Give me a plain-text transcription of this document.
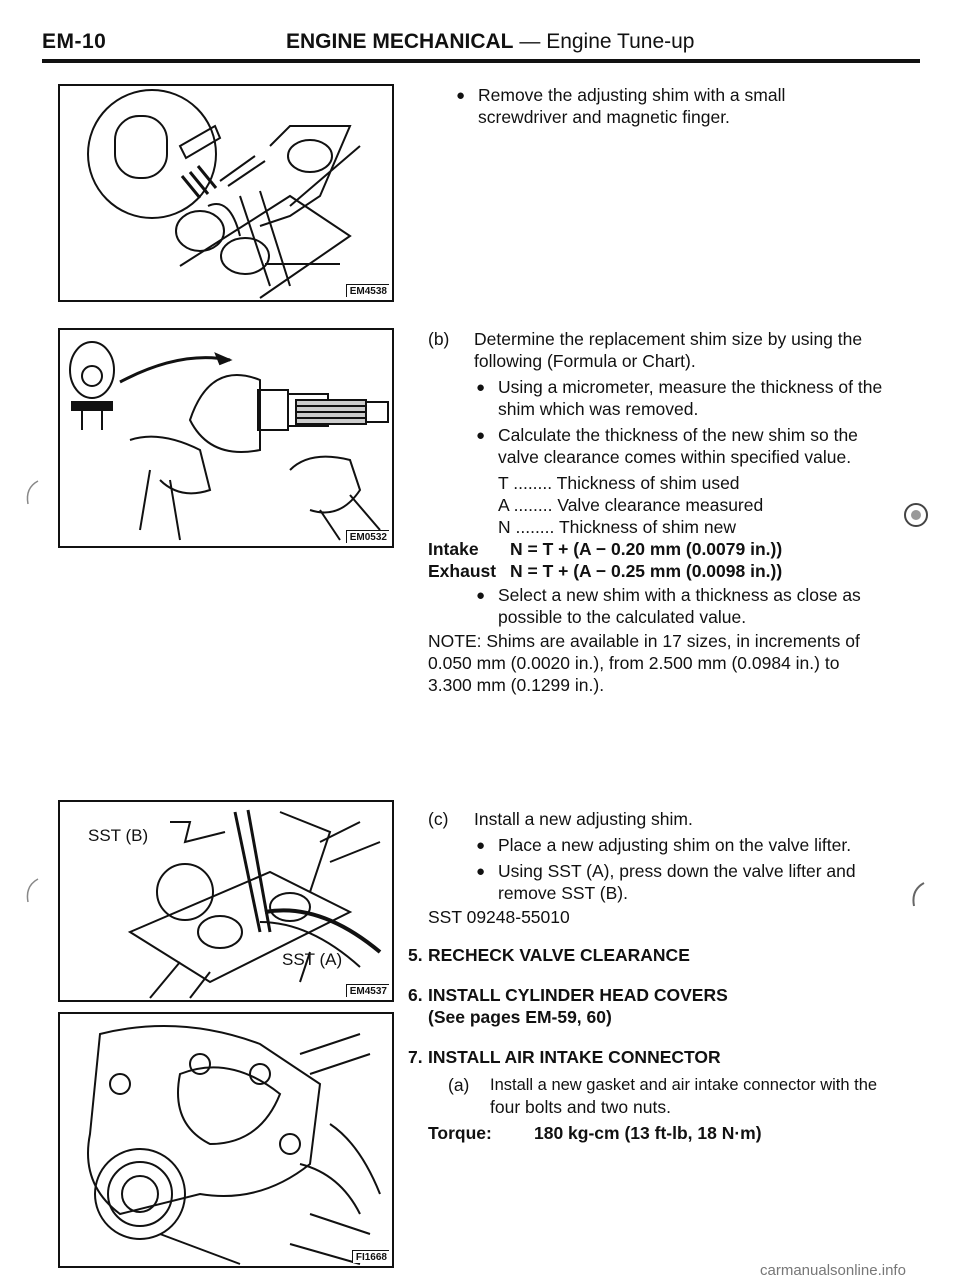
EM-10	ENGINE MECHANICAL — Engine Tune-up
EM4538
EM0532
SST (B)
SST (A)
EM4537
FI1668
● Remove the adjusting shim with a small
screwdriver and magnetic finger.
(b) Determine the replacement shim size by using the
following (Formula or Chart).
● Using a micrometer, measure the thickness of the
shim which was removed.
● Calculate the thickness of the new shim so the
valve clearance comes within specified value.
T ........ Thickness of shim used
A ........ Valve clearance measured
N ........ Thickness of shim new
Intake N = T + (A − 0.20 mm (0.0079 in.))
Exhaust N = T + (A − 0.25 mm (0.0098 in.))
● Select a new shim with a thickness as close as
possible to the calculated value.
NOTE: Shims are available in 17 sizes, in increments of
0.050 mm (0.0020 in.), from 2.500 mm (0.0984 in.) to
3.300 mm (0.1299 in.).
(c) Install a new adjusting shim.
● Place a new adjusting shim on the valve lifter.
● Using SST (A), press down the valve lifter and
remove SST (B).
SST 09248-55010
5. RECHECK VALVE CLEARANCE
6. INSTALL CYLINDER HEAD COVERS
(See pages EM-59, 60)
7. INSTALL AIR INTAKE CONNECTOR
(a) Install a new gasket and air intake connector with the
four bolts and two nuts.
Torque: 180 kg-cm (13 ft-lb, 18 N·m)
carmanualsonline.info
